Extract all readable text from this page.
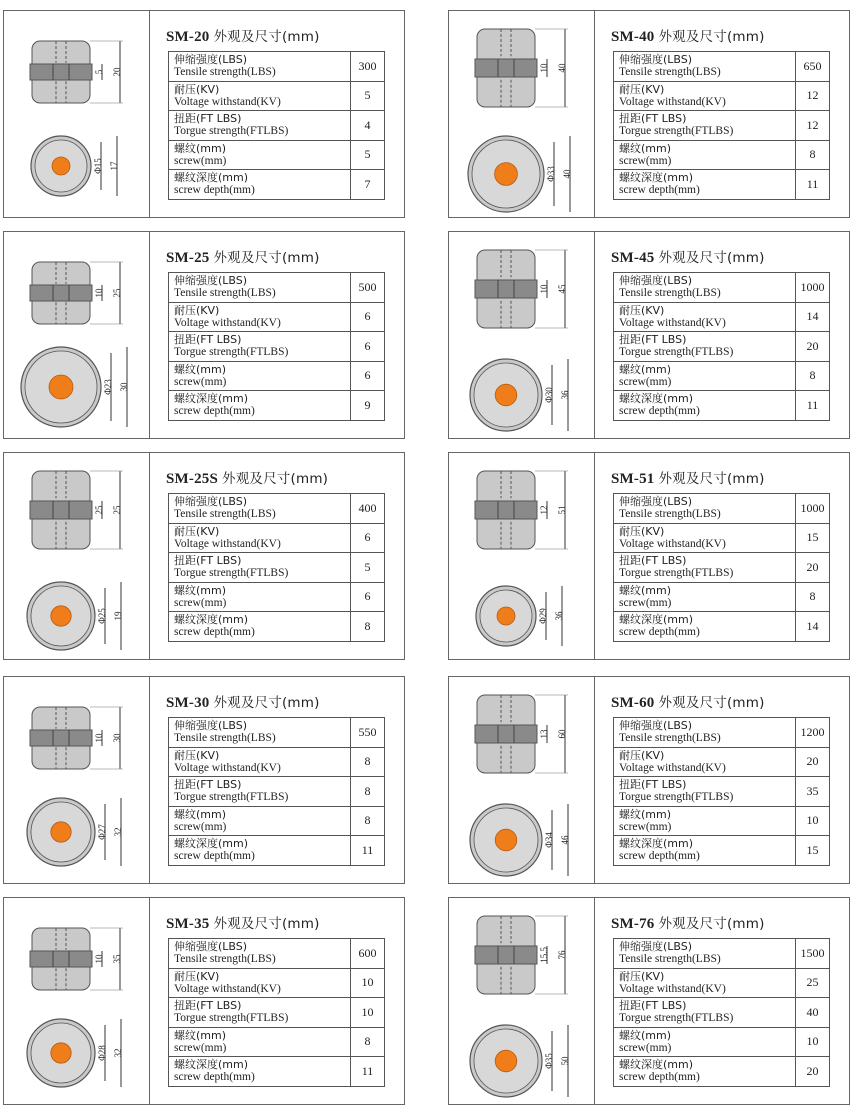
5 20
Φ15 17
SM-20 外观及尺寸(mm)
伸缩强度(LBS)
Tensile strength(LBS)	300

耐压(KV)
Voltage withstand(KV)	5

扭距(FT LBS)
Torgue strength(FTLBS)	4

螺纹(mm)
screw(mm)	5

螺纹深度(mm)
screw depth(mm)	7
10 40
Φ33 40
SM-40 外观及尺寸(mm)
伸缩强度(LBS)
Tensile strength(LBS)	650

耐压(KV)
Voltage withstand(KV)	12

扭距(FT LBS)
Torgue strength(FTLBS)	12

螺纹(mm)
screw(mm)	8

螺纹深度(mm)
screw depth(mm)	11
10 25
Φ23 30
SM-25 外观及尺寸(mm)
伸缩强度(LBS)
Tensile strength(LBS)	500

耐压(KV)
Voltage withstand(KV)	6

扭距(FT LBS)
Torgue strength(FTLBS)	6

螺纹(mm)
screw(mm)	6

螺纹深度(mm)
screw depth(mm)	9
10 45
Φ30 36
SM-45 外观及尺寸(mm)
伸缩强度(LBS)
Tensile strength(LBS)	1000

耐压(KV)
Voltage withstand(KV)	14

扭距(FT LBS)
Torgue strength(FTLBS)	20

螺纹(mm)
screw(mm)	8

螺纹深度(mm)
screw depth(mm)	11
25 25
Φ25 19
SM-25S 外观及尺寸(mm)
伸缩强度(LBS)
Tensile strength(LBS)	400

耐压(KV)
Voltage withstand(KV)	6

扭距(FT LBS)
Torgue strength(FTLBS)	5

螺纹(mm)
screw(mm)	6

螺纹深度(mm)
screw depth(mm)	8
12 51
Φ29 36
SM-51 外观及尺寸(mm)
伸缩强度(LBS)
Tensile strength(LBS)	1000

耐压(KV)
Voltage withstand(KV)	15

扭距(FT LBS)
Torgue strength(FTLBS)	20

螺纹(mm)
screw(mm)	8

螺纹深度(mm)
screw depth(mm)	14
10 30
Φ27 32
SM-30 外观及尺寸(mm)
伸缩强度(LBS)
Tensile strength(LBS)	550

耐压(KV)
Voltage withstand(KV)	8

扭距(FT LBS)
Torgue strength(FTLBS)	8

螺纹(mm)
screw(mm)	8

螺纹深度(mm)
screw depth(mm)	11
13 60
Φ34 46
SM-60 外观及尺寸(mm)
伸缩强度(LBS)
Tensile strength(LBS)	1200

耐压(KV)
Voltage withstand(KV)	20

扭距(FT LBS)
Torgue strength(FTLBS)	35

螺纹(mm)
screw(mm)	10

螺纹深度(mm)
screw depth(mm)	15
10 35
Φ28 32
SM-35 外观及尺寸(mm)
伸缩强度(LBS)
Tensile strength(LBS)	600

耐压(KV)
Voltage withstand(KV)	10

扭距(FT LBS)
Torgue strength(FTLBS)	10

螺纹(mm)
screw(mm)	8

螺纹深度(mm)
screw depth(mm)	11
15.5 76
Φ35 50
SM-76 外观及尺寸(mm)
伸缩强度(LBS)
Tensile strength(LBS)	1500

耐压(KV)
Voltage withstand(KV)	25

扭距(FT LBS)
Torgue strength(FTLBS)	40

螺纹(mm)
screw(mm)	10

螺纹深度(mm)
screw depth(mm)	20
